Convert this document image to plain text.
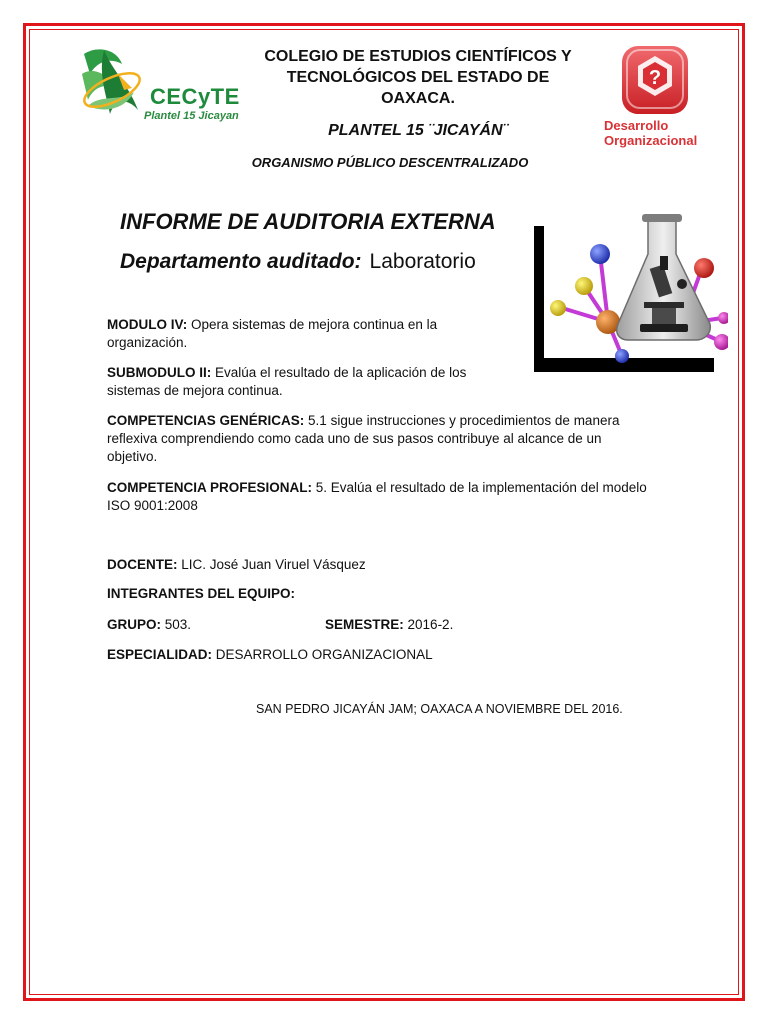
CECyTE
Plantel 15 Jicayan
COLEGIO DE ESTUDIOS CIENTÍFICOS Y
TECNOLÓGICOS DEL ESTADO DE
OAXACA.
PLANTEL 15 ¨JICAYÁN¨
ORGANISMO PÚBLICO DESCENTRALIZADO
?
Desarrollo
Organizacional
INFORME DE AUDITORIA EXTERNA
Departamento auditado: Laboratorio
MODULO IV: Opera sistemas de mejora continua en la organización.
SUBMODULO II: Evalúa el resultado de la aplicación de los sistemas de mejora continua.
COMPETENCIAS GENÉRICAS: 5.1 sigue instrucciones y procedimientos de manera reflexiva comprendiendo como cada uno de sus pasos contribuye al alcance de un objetivo.
COMPETENCIA PROFESIONAL: 5. Evalúa el resultado de la implementación del modelo ISO 9001:2008
DOCENTE: LIC. José Juan Viruel Vásquez
INTEGRANTES DEL EQUIPO:
GRUPO: 503.	SEMESTRE: 2016-2.
ESPECIALIDAD: DESARROLLO ORGANIZACIONAL
SAN PEDRO JICAYÁN JAM; OAXACA A NOVIEMBRE DEL 2016.
